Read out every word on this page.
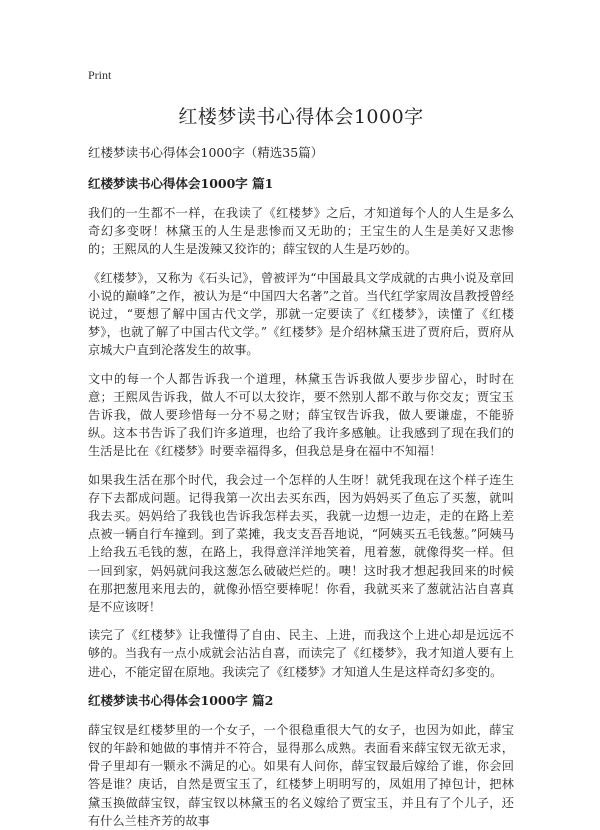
Print
红楼梦读书心得体会1000字

红楼梦读书心得体会1000字（精选35篇）

红楼梦读书心得体会1000字 篇1

我们的一生都不一样，在我读了《红楼梦》之后，才知道每个人的人生是多么奇幻多变呀！林黛玉的人生是悲惨而又无助的；王宝生的人生是美好又悲惨的；王熙凤的人生是泼辣又狡诈的；薛宝钗的人生是巧妙的。

《红楼梦》，又称为《石头记》，曾被评为“中国最具文学成就的古典小说及章回小说的巅峰”之作，被认为是“中国四大名著”之首。当代红学家周汝昌教授曾经说过，“要想了解中国古代文学，那就一定要读了《红楼梦》，读懂了《红楼梦》，也就了解了中国古代文学。”《红楼梦》是介绍林黛玉进了贾府后，贾府从京城大户直到沦落发生的故事。

文中的每一个人都告诉我一个道理，林黛玉告诉我做人要步步留心，时时在意；王熙凤告诉我，做人不可以太狡诈，要不然别人都不敢与你交友；贾宝玉告诉我，做人要珍惜每一分不易之财；薛宝钗告诉我，做人要谦虚，不能骄纵。这本书告诉了我们许多道理，也给了我许多感触。让我感到了现在我们的生活是比在《红楼梦》时要幸福得多，但我总是身在福中不知福！

如果我生活在那个时代，我会过一个怎样的人生呀！就凭我现在这个样子连生存下去都成问题。记得我第一次出去买东西，因为妈妈买了鱼忘了买葱，就叫我去买。妈妈给了我钱也告诉我怎样去买，我就一边想一边走，走的在路上差点被一辆自行车撞到。到了菜摊，我支支吾吾地说，“阿姨买五毛钱葱。”阿姨马上给我五毛钱的葱，在路上，我得意洋洋地笑着，甩着葱，就像得奖一样。但一回到家，妈妈就问我这葱怎么破破烂烂的。噢！这时我才想起我回来的时候在那把葱甩来甩去的，就像孙悟空要棒呢！你看，我就买来了葱就沾沾自喜真是不应该呀！

读完了《红楼梦》让我懂得了自由、民主、上进，而我这个上进心却是远远不够的。当我有一点小成就会沾沾自喜，而读完了《红楼梦》，我才知道人要有上进心，不能定留在原地。我读完了《红楼梦》才知道人生是这样奇幻多变的。

红楼梦读书心得体会1000字 篇2

薛宝钗是红楼梦里的一个女子，一个很稳重很大气的女子，也因为如此，薛宝钗的年龄和她做的事情并不符合，显得那么成熟。表面看来薛宝钗无欲无求，骨子里却有一颗永不满足的心。如果有人问你，薛宝钗最后嫁给了谁，你会回答是谁？庚话，自然是贾宝玉了，红楼梦上明明写的，凤姐用了掉包计，把林黛玉换做薛宝钗，薛宝钗以林黛玉的名义嫁给了贾宝玉，并且有了个儿子，还有什么兰桂齐芳的故事
